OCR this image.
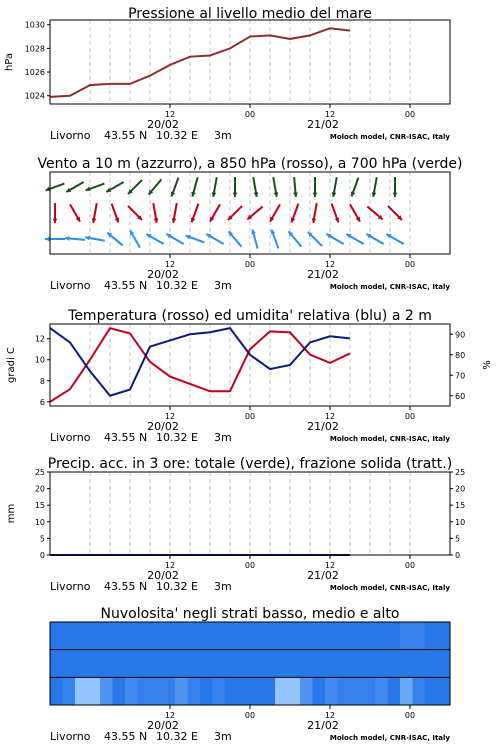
Pressione al livello medio del mare
1024
1026
1028
1030
hPa
12	00	12	00
20/02	21/02
Livorno 43.55 N 10.32 E 3m	Moloch model, CNR-ISAC, Italy
Vento a 10 m (azzurro), a 850 hPa (rosso), a 700 hPa (verde)
12	00	12	00
20/02	21/02
Livorno 43.55 N 10.32 E 3m	Moloch model, CNR-ISAC, Italy
Temperatura (rosso) ed umidita' relativa (blu) a 2 m
6
8
10
12
gradi C
60
70
80
90
%
12	00	12	00
20/02	21/02
Livorno 43.55 N 10.32 E 3m	Moloch model, CNR-ISAC, Italy
Precip. acc. in 3 ore: totale (verde), frazione solida (tratt.)
0
5
10
15
20
25
mm
0
5
10
15
20
25
12	00	12	00
20/02	21/02
Livorno 43.55 N 10.32 E 3m	Moloch model, CNR-ISAC, Italy
Nuvolosita' negli strati basso, medio e alto
12	00	12	00
20/02	21/02
Livorno 43.55 N 10.32 E 3m	Moloch model, CNR-ISAC, Italy
